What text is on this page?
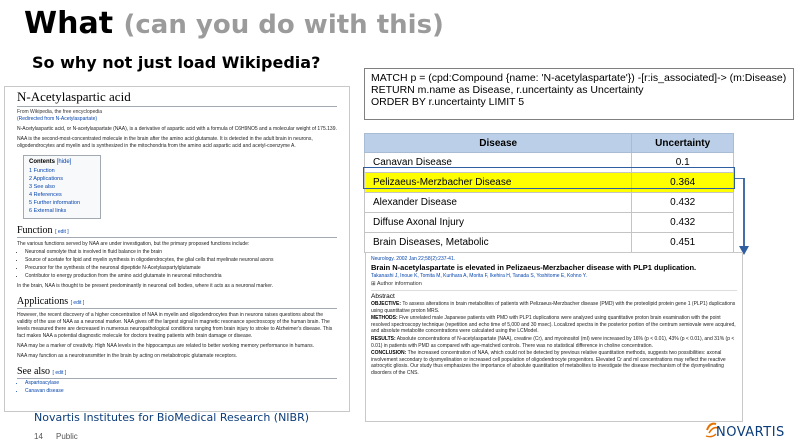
What (can you do with this)
So why not just load Wikipedia?
N-Acetylaspartic acid
From Wikipedia, the free encyclopedia
(Redirected from N-Acetylaspartate)
N-Acetylaspartic acid, or N-acetylaspartate (NAA), is a derivative of aspartic acid with a formula of C6H9NO5 and a molecular weight of 175.139.
NAA is the second-most-concentrated molecule in the brain after the amino acid glutamate. It is detected in the adult brain in neurons, oligodendrocytes and myelin and is synthesized in the mitochondria from the amino acid aspartic acid and acetyl-coenzyme A.
Contents [hide]
1 Function
2 Applications
3 See also
4 References
5 Further information
6 External links
Function [ edit ]
The various functions served by NAA are under investigation, but the primary proposed functions include:
• Neuronal osmolyte that is involved in fluid balance in the brain
• Source of acetate for lipid and myelin synthesis in oligodendrocytes, the glial cells that myelinate neuronal axons
• Precursor for the synthesis of the neuronal dipeptide N-Acetylaspartylglutamate
• Contributor to energy production from the amino acid glutamate in neuronal mitochondria
In the brain, NAA is thought to be present predominantly in neuronal cell bodies, where it acts as a neuronal marker.
Applications [ edit ]
However, the recent discovery of a higher concentration of NAA in myelin and oligodendrocytes than in neurons raises questions about the validity of the use of NAA as a neuronal marker. NAA gives off the largest signal in magnetic resonance spectroscopy of the human brain. The levels measured there are decreased in numerous neuropathological conditions ranging from brain injury to stroke to Alzheimer's disease. This fact makes NAA a potential diagnostic molecule for doctors treating patients with brain damage or disease.
NAA may be a marker of creativity. High NAA levels in the hippocampus are related to better working memory performance in humans.
NAA may function as a neurotransmitter in the brain by acting on metabotropic glutamate receptors.
See also [ edit ]
• Aspartoacylase
• Canavan disease
MATCH p = (cpd:Compound {name: 'N-acetylaspartate'}) -[r:is_associated]-> (m:Disease)
RETURN m.name as Disease, r.uncertainty as Uncertainty
ORDER BY r.uncertainty LIMIT 5
Disease	Uncertainty
Canavan Disease	0.1
Pelizaeus-Merzbacher Disease	0.364
Alexander Disease	0.432
Diffuse Axonal Injury	0.432
Brain Diseases, Metabolic	0.451
Neurology. 2002 Jan 22;58(2):237-41.
Brain N-acetylaspartate is elevated in Pelizaeus-Merzbacher disease with PLP1 duplication.
Takanashi J, Inoue K, Tomita M, Kurihara A, Morita F, Ikehira H, Tanada S, Yoshitome E, Kohno Y.
⊞ Author information
Abstract
OBJECTIVE: To assess alterations in brain metabolites of patients with Pelizaeus-Merzbacher disease (PMD) with the proteolipid protein gene 1 (PLP1) duplications using quantitative proton MRS.
METHODS: Five unrelated male Japanese patients with PMD with PLP1 duplications were analyzed using quantitative proton brain examination with the point resolved spectroscopy technique (repetition and echo time of 5,000 and 30 msec). Localized spectra in the posterior portion of the centrum semiovale were acquired, and absolute metabolite concentrations were calculated using the LCModel.
RESULTS: Absolute concentrations of N-acetylaspartate (NAA), creatine (Cr), and myoinositol (mI) were increased by 16% (p < 0.01), 43% (p < 0.01), and 31% (p < 0.01) in patients with PMD as compared with age-matched controls. There was no statistical difference in choline concentration.
CONCLUSION: The increased concentration of NAA, which could not be detected by previous relative quantitation methods, suggests two possibilities: axonal involvement secondary to dysmyelination or increased cell population of oligodendrocyte progenitors. Elevated Cr and mI concentrations may reflect the reactive astrocytic gliosis. Our study thus emphasizes the importance of absolute quantitation of metabolites to investigate the disease mechanism of the dysmyelinating disorders of the CNS.
Novartis Institutes for BioMedical Research (NIBR)
14 Public	NOVARTIS
